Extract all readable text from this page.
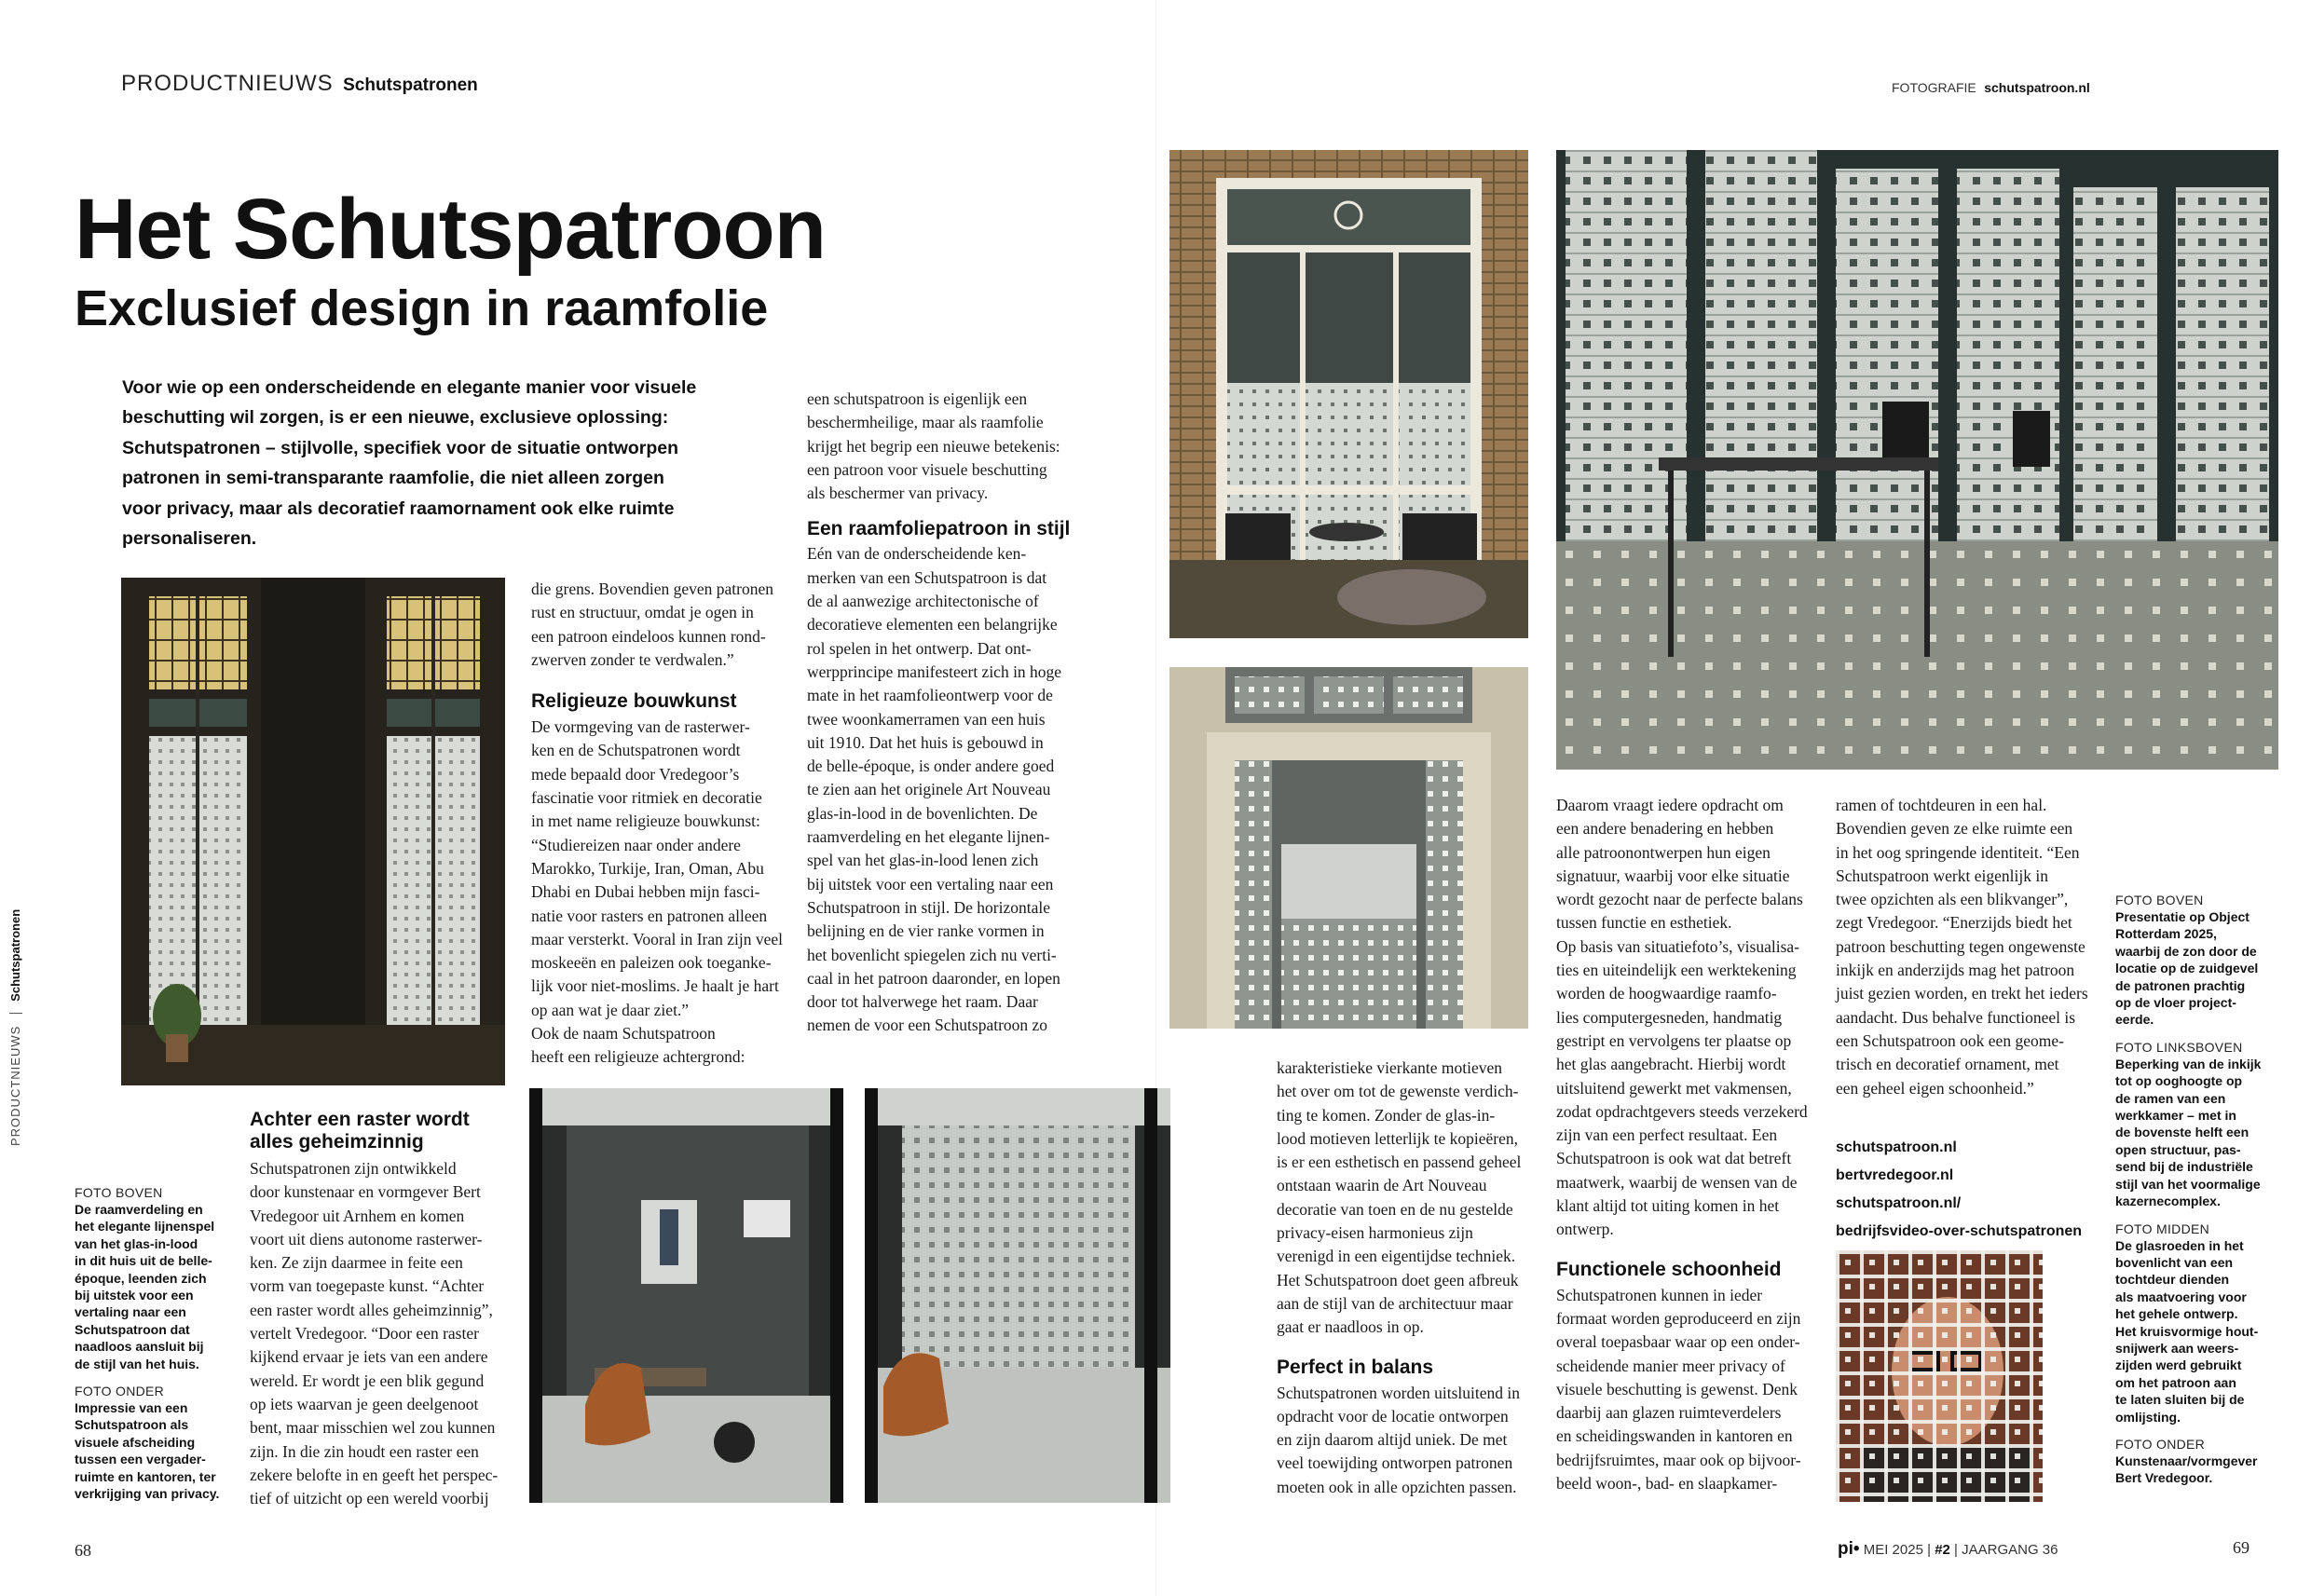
PRODUCTNIEUWS Schutspatronen	FOTOGRAFIE schutspatroon.nl
Het Schutspatroon
Exclusief design in raamfolie
Voor wie op een onderscheidende en elegante manier voor visuele
beschutting wil zorgen, is er een nieuwe, exclusieve oplossing:
Schutspatronen – stijlvolle, specifiek voor de situatie ontworpen
patronen in semi-transparante raamfolie, die niet alleen zorgen
voor privacy, maar als decoratief raamornament ook elke ruimte
personaliseren.
PRODUCTNIEUWS  Schutspatronen
Achter een raster wordt alles geheimzinnig

Schutspatronen zijn ontwikkeld

door kunstenaar en vormgever Bert

Vredegoor uit Arnhem en komen

voort uit diens autonome rasterwer-

ken. Ze zijn daarmee in feite een

vorm van toegepaste kunst. “Achter

een raster wordt alles geheimzinnig”,

vertelt Vredegoor. “Door een raster

kijkend ervaar je iets van een andere

wereld. Er wordt je een blik gegund

op iets waarvan je geen deelgenoot

bent, maar misschien wel zou kunnen

zijn. In die zin houdt een raster een

zekere belofte in en geeft het perspec-

tief of uitzicht op een wereld voorbij

die grens. Bovendien geven patronen

rust en structuur, omdat je ogen in

een patroon eindeloos kunnen rond-

zwerven zonder te verdwalen.”

Religieuze bouwkunst

De vormgeving van de rasterwer-

ken en de Schutspatronen wordt

mede bepaald door Vredegoor’s

fascinatie voor ritmiek en decoratie

in met name religieuze bouwkunst:

“Studiereizen naar onder andere

Marokko, Turkije, Iran, Oman, Abu

Dhabi en Dubai hebben mijn fasci-

natie voor rasters en patronen alleen

maar versterkt. Vooral in Iran zijn veel

moskeeën en paleizen ook toeganke-

lijk voor niet-moslims. Je haalt je hart

op aan wat je daar ziet.”

Ook de naam Schutspatroon

heeft een religieuze achtergrond:

een schutspatroon is eigenlijk een

beschermheilige, maar als raamfolie

krijgt het begrip een nieuwe betekenis:

een patroon voor visuele beschutting

als beschermer van privacy.

Een raamfoliepatroon in stijl

Eén van de onderscheidende ken-

merken van een Schutspatroon is dat

de al aanwezige architectonische of

decoratieve elementen een belangrijke

rol spelen in het ontwerp. Dat ont-

werpprincipe manifesteert zich in hoge

mate in het raamfolieontwerp voor de

twee woonkamerramen van een huis

uit 1910. Dat het huis is gebouwd in

de belle-époque, is onder andere goed

te zien aan het originele Art Nouveau

glas-in-lood in de bovenlichten. De

raamverdeling en het elegante lijnen-

spel van het glas-in-lood lenen zich

bij uitstek voor een vertaling naar een

Schutspatroon in stijl. De horizontale

belijning en de vier ranke vormen in

het bovenlicht spiegelen zich nu verti-

caal in het patroon daaronder, en lopen

door tot halverwege het raam. Daar

nemen de voor een Schutspatroon zo

FOTO BOVEN
De raamverdeling en
het elegante lijnenspel
van het glas-in-lood
in dit huis uit de belle-
époque, leenden zich
bij uitstek voor een
vertaling naar een
Schutspatroon dat
naadloos aansluit bij
de stijl van het huis.
FOTO ONDER
Impressie van een
Schutspatroon als
visuele afscheiding
tussen een vergader-
ruimte en kantoren, ter
verkrijging van privacy.

karakteristieke vierkante motieven

het over om tot de gewenste verdich-

ting te komen. Zonder de glas-in-

lood motieven letterlijk te kopieëren,

is er een esthetisch en passend geheel

ontstaan waarin de Art Nouveau

decoratie van toen en de nu gestelde

privacy-eisen harmonieus zijn

verenigd in een eigentijdse techniek.

Het Schutspatroon doet geen afbreuk

aan de stijl van de architectuur maar

gaat er naadloos in op.

Perfect in balans

Schutspatronen worden uitsluitend in

opdracht voor de locatie ontworpen

en zijn daarom altijd uniek. De met

veel toewijding ontworpen patronen

moeten ook in alle opzichten passen.

Daarom vraagt iedere opdracht om

een andere benadering en hebben

alle patroonontwerpen hun eigen

signatuur, waarbij voor elke situatie

wordt gezocht naar de perfecte balans

tussen functie en esthetiek.

Op basis van situatiefoto’s, visualisa-

ties en uiteindelijk een werktekening

worden de hoogwaardige raamfo-

lies computergesneden, handmatig

gestript en vervolgens ter plaatse op

het glas aangebracht. Hierbij wordt

uitsluitend gewerkt met vakmensen,

zodat opdrachtgevers steeds verzekerd

zijn van een perfect resultaat. Een

Schutspatroon is ook wat dat betreft

maatwerk, waarbij de wensen van de

klant altijd tot uiting komen in het

ontwerp.

Functionele schoonheid

Schutspatronen kunnen in ieder

formaat worden geproduceerd en zijn

overal toepasbaar waar op een onder-

scheidende manier meer privacy of

visuele beschutting is gewenst. Denk

daarbij aan glazen ruimteverdelers

en scheidingswanden in kantoren en

bedrijfsruimtes, maar ook op bijvoor-

beeld woon-, bad- en slaapkamer-

ramen of tochtdeuren in een hal.

Bovendien geven ze elke ruimte een

in het oog springende identiteit. “Een

Schutspatroon werkt eigenlijk in

twee opzichten als een blikvanger”,

zegt Vredegoor. “Enerzijds biedt het

patroon beschutting tegen ongewenste

inkijk en anderzijds mag het patroon

juist gezien worden, en trekt het ieders

aandacht. Dus behalve functioneel is

een Schutspatroon ook een geome-

trisch en decoratief ornament, met

een geheel eigen schoonheid.”

schutspatroon.nl
bertvredegoor.nl
schutspatroon.nl/
bedrijfsvideo-over-schutspatronen
FOTO BOVEN
Presentatie op Object
Rotterdam 2025,
waarbij de zon door de
locatie op de zuidgevel
de patronen prachtig
op de vloer project-
eerde.
FOTO LINKSBOVEN
Beperking van de inkijk
tot op ooghoogte op
de ramen van een
werkkamer – met in
de bovenste helft een
open structuur, pas-
send bij de industriële
stijl van het voormalige
kazernecomplex.
FOTO MIDDEN
De glasroeden in het
bovenlicht van een
tochtdeur dienden
als maatvoering voor
het gehele ontwerp.
Het kruisvormige hout-
snijwerk aan weers-
zijden werd gebruikt
om het patroon aan
te laten sluiten bij de
omlijsting.
FOTO ONDER
Kunstenaar/vormgever
Bert Vredegoor.
68	69
pi• MEI 2025 | #2 | JAARGANG 36
